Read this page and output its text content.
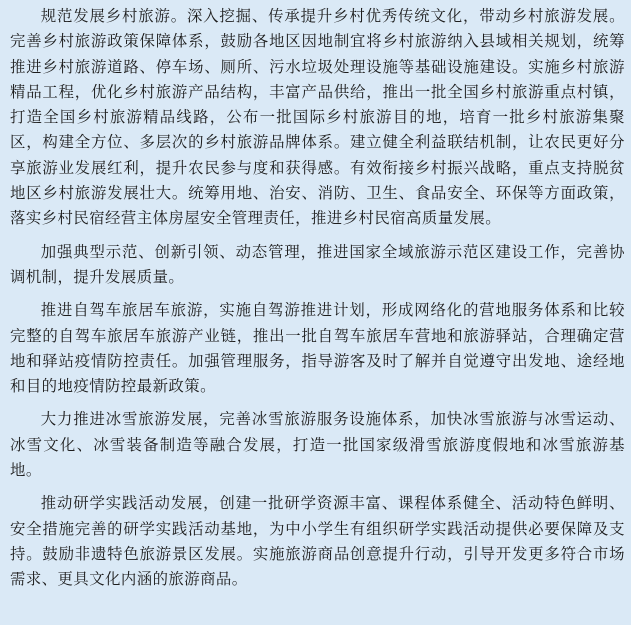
规范发展乡村旅游。深入挖掘、传承提升乡村优秀传统文化，带动乡村旅游发展。完善乡村旅游政策保障体系，鼓励各地区因地制宜将乡村旅游纳入县域相关规划，统筹推进乡村旅游道路、停车场、厕所、污水垃圾处理设施等基础设施建设。实施乡村旅游精品工程，优化乡村旅游产品结构，丰富产品供给，推出一批全国乡村旅游重点村镇，打造全国乡村旅游精品线路，公布一批国际乡村旅游目的地，培育一批乡村旅游集聚区，构建全方位、多层次的乡村旅游品牌体系。建立健全利益联结机制，让农民更好分享旅游业发展红利，提升农民参与度和获得感。有效衔接乡村振兴战略，重点支持脱贫地区乡村旅游发展壮大。统筹用地、治安、消防、卫生、食品安全、环保等方面政策，落实乡村民宿经营主体房屋安全管理责任，推进乡村民宿高质量发展。

加强典型示范、创新引领、动态管理，推进国家全域旅游示范区建设工作，完善协调机制，提升发展质量。

推进自驾车旅居车旅游，实施自驾游推进计划，形成网络化的营地服务体系和比较完整的自驾车旅居车旅游产业链，推出一批自驾车旅居车营地和旅游驿站，合理确定营地和驿站疫情防控责任。加强管理服务，指导游客及时了解并自觉遵守出发地、途经地和目的地疫情防控最新政策。

大力推进冰雪旅游发展，完善冰雪旅游服务设施体系，加快冰雪旅游与冰雪运动、冰雪文化、冰雪装备制造等融合发展，打造一批国家级滑雪旅游度假地和冰雪旅游基地。

推动研学实践活动发展，创建一批研学资源丰富、课程体系健全、活动特色鲜明、安全措施完善的研学实践活动基地，为中小学生有组织研学实践活动提供必要保障及支持。鼓励非遗特色旅游景区发展。实施旅游商品创意提升行动，引导开发更多符合市场需求、更具文化内涵的旅游商品。
